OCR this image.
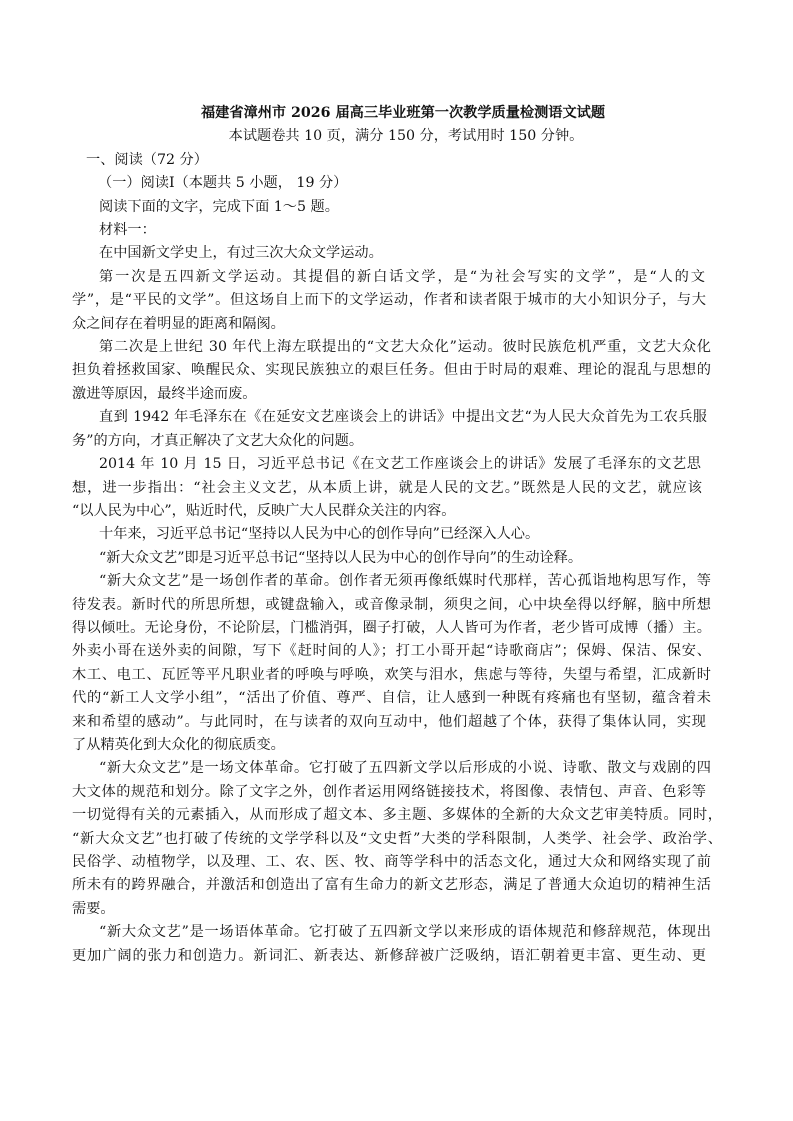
福建省漳州市 2026 届高三毕业班第一次教学质量检测语文试题
本试题卷共 10 页，满分 150 分，考试用时 150 分钟。
一、阅读（72 分）
（一）阅读Ⅰ（本题共 5 小题， 19 分）
阅读下面的文字，完成下面 1～5 题。
材料一：
在中国新文学史上，有过三次大众文学运动。
第一次是五四新文学运动。其提倡的新白话文学，是“为社会写实的文学”，是“人的文
学”，是“平民的文学”。但这场自上而下的文学运动，作者和读者限于城市的大小知识分子，与大
众之间存在着明显的距离和隔阂。
第二次是上世纪 30 年代上海左联提出的“文艺大众化”运动。彼时民族危机严重，文艺大众化
担负着拯救国家、唤醒民众、实现民族独立的艰巨任务。但由于时局的艰难、理论的混乱与思想的
激进等原因，最终半途而废。
直到 1942 年毛泽东在《在延安文艺座谈会上的讲话》中提出文艺“为人民大众首先为工农兵服
务”的方向，才真正解决了文艺大众化的问题。
2014 年 10 月 15 日，习近平总书记《在文艺工作座谈会上的讲话》发展了毛泽东的文艺思
想，进一步指出：“社会主义文艺，从本质上讲，就是人民的文艺。”既然是人民的文艺，就应该
“以人民为中心”，贴近时代，反映广大人民群众关注的内容。
十年来，习近平总书记“坚持以人民为中心的创作导向”已经深入人心。
“新大众文艺”即是习近平总书记“坚持以人民为中心的创作导向”的生动诠释。
“新大众文艺”是一场创作者的革命。创作者无须再像纸媒时代那样，苦心孤诣地构思写作，等
待发表。新时代的所思所想，或键盘输入，或音像录制，须臾之间，心中块垒得以纾解，脑中所想
得以倾吐。无论身份，不论阶层，门槛消弭，圈子打破，人人皆可为作者，老少皆可成博（播）主。
外卖小哥在送外卖的间隙，写下《赶时间的人》；打工小哥开起“诗歌商店”；保姆、保洁、保安、
木工、电工、瓦匠等平凡职业者的呼唤与呼唤，欢笑与泪水，焦虑与等待，失望与希望，汇成新时
代的“新工人文学小组”，“活出了价值、尊严、自信，让人感到一种既有疼痛也有坚韧，蕴含着未
来和希望的感动”。与此同时，在与读者的双向互动中，他们超越了个体，获得了集体认同，实现
了从精英化到大众化的彻底质变。
“新大众文艺”是一场文体革命。它打破了五四新文学以后形成的小说、诗歌、散文与戏剧的四
大文体的规范和划分。除了文字之外，创作者运用网络链接技术，将图像、表情包、声音、色彩等
一切觉得有关的元素插入，从而形成了超文本、多主题、多媒体的全新的大众文艺审美特质。同时，
“新大众文艺”也打破了传统的文学学科以及“文史哲”大类的学科限制，人类学、社会学、政治学、
民俗学、动植物学，以及理、工、农、医、牧、商等学科中的活态文化，通过大众和网络实现了前
所未有的跨界融合，并激活和创造出了富有生命力的新文艺形态，满足了普通大众迫切的精神生活
需要。
“新大众文艺”是一场语体革命。它打破了五四新文学以来形成的语体规范和修辞规范，体现出
更加广阔的张力和创造力。新词汇、新表达、新修辞被广泛吸纳，语汇朝着更丰富、更生动、更
